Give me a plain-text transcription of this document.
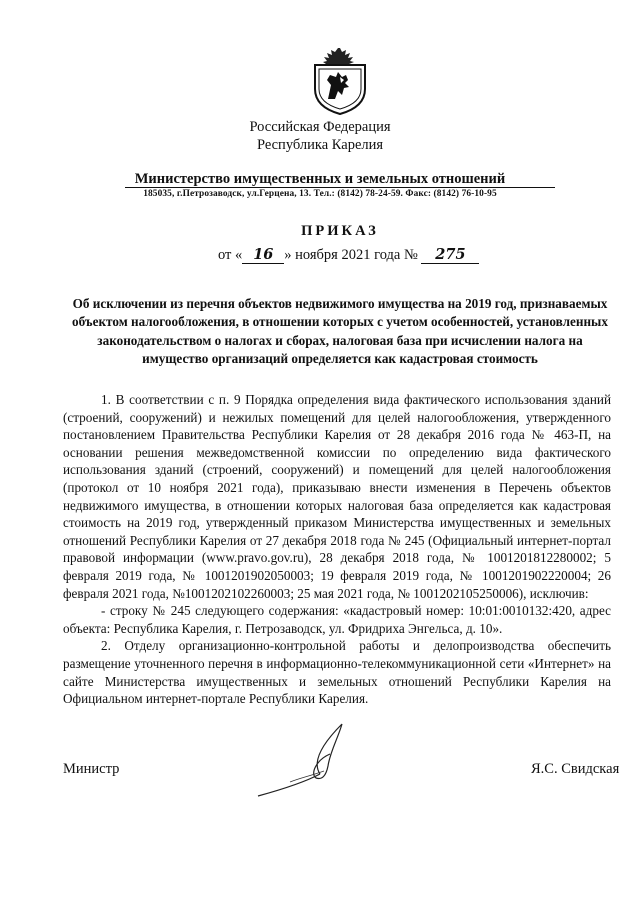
Российская Федерация
Республика Карелия
Министерство имущественных и земельных отношений
185035, г.Петрозаводск, ул.Герцена, 13. Тел.: (8142) 78-24-59. Факс: (8142) 76-10-95
ПРИКАЗ
от « 16 » ноября 2021 года № 275
Об исключении из перечня объектов недвижимого имущества на 2019 год, признаваемых объектом налогообложения, в отношении которых с учетом особенностей, установленных законодательством о налогах и сборах, налоговая база при исчислении налога на имущество организаций определяется как кадастровая стоимость

1. В соответствии с п. 9 Порядка определения вида фактического использования зданий (строений, сооружений) и нежилых помещений для целей налогообложения, утвержденного постановлением Правительства Республики Карелия от 28 декабря 2016 года № 463-П, на основании решения межведомственной комиссии по определению вида фактического использования зданий (строений, сооружений) и помещений для целей налогообложения (протокол от 10 ноября 2021 года), приказываю внести изменения в Перечень объектов недвижимого имущества, в отношении которых налоговая база определяется как кадастровая стоимость на 2019 год, утвержденный приказом Министерства имущественных и земельных отношений Республики Карелия от 27 декабря 2018 года № 245 (Официальный интернет-портал правовой информации (www.pravo.gov.ru), 28 декабря 2018 года, № 1001201812280002; 5 февраля 2019 года, № 1001201902050003; 19 февраля 2019 года, № 1001201902220004; 26 февраля 2021 года, №1001202102260003; 25 мая 2021 года, № 1001202105250006), исключив:

- строку № 245 следующего содержания: «кадастровый номер: 10:01:0010132:420, адрес объекта: Республика Карелия, г. Петрозаводск, ул. Фридриха Энгельса, д. 10».

2. Отделу организационно-контрольной работы и делопроизводства обеспечить размещение уточненного перечня в информационно-телекоммуникационной сети «Интернет» на сайте Министерства имущественных и земельных отношений Республики Карелия на Официальном интернет-портале Республики Карелия.

Министр	Я.С. Свидская
